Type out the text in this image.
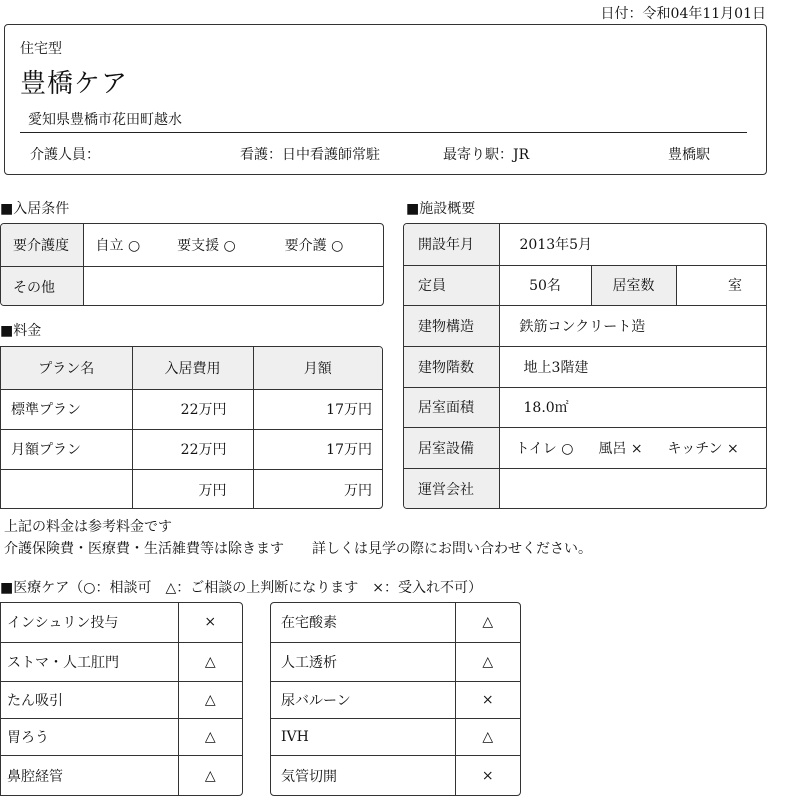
日付：令和04年11月01日
住宅型
豊橋ケア
愛知県豊橋市花田町越水
介護人員：	看護：日中看護師常駐	最寄り駅：JR	豊橋駅
■入居条件
要介護度	自立 ○ 要支援 ○ 要介護 ○
その他	
■料金
プラン名	入居費用	月額
標準プラン	22万円	17万円
月額プラン	22万円	17万円
	万円	万円
■施設概要
開設年月	2013年5月		
定員	50名	居室数	室
建物構造	鉄筋コンクリート造		
建物階数	地上3階建		
居室面積	18.0㎡		
居室設備	トイレ ○ 風呂 × キッチン ×		
運営会社			
上記の料金は参考料金です
介護保険費・医療費・生活雑費等は除きます　　詳しくは見学の際にお問い合わせください。
■医療ケア（○：相談可　△：ご相談の上判断になります　×：受入れ不可）
インシュリン投与	×
ストマ・人工肛門	△
たん吸引	△
胃ろう	△
鼻腔経管	△
在宅酸素	△
人工透析	△
尿バルーン	×
IVH	△
気管切開	×
